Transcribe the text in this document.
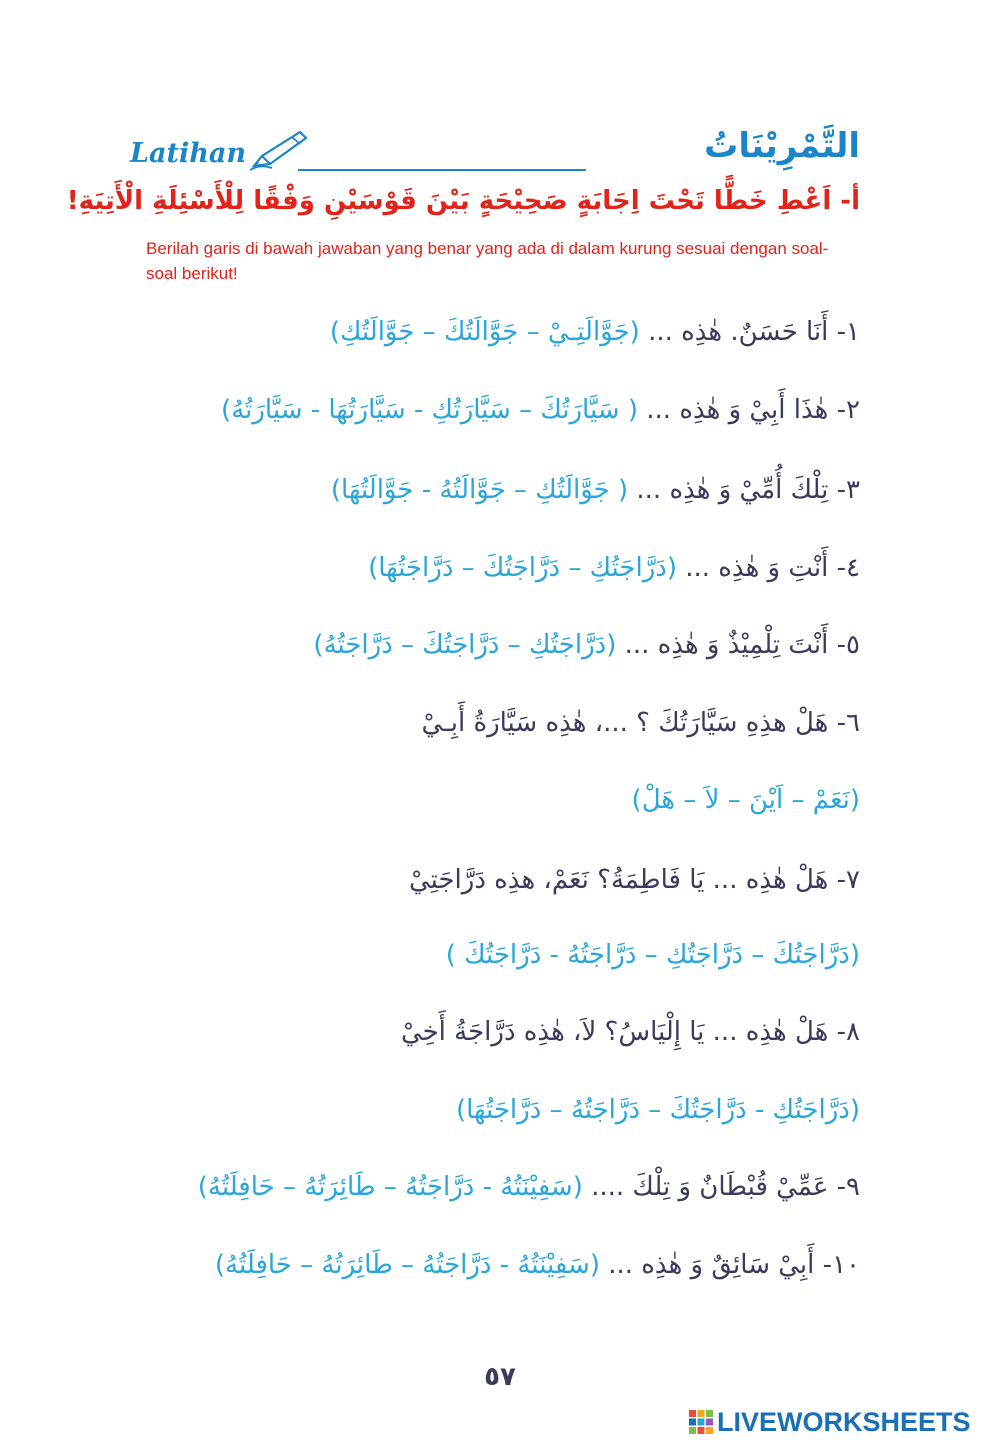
Latihan	التَّمْرِيْنَاتُ
أ- اَعْطِ خَطًّا تَحْتَ اِجَابَةٍ صَحِيْحَةٍ بَيْنَ قَوْسَيْنِ وَفْقًا لِلْأَسْئِلَةِ الْأَتِيَةِ!
Berilah garis di bawah jawaban yang benar yang ada di dalam kurung sesuai dengan soal-soal berikut!
١- أَنَا حَسَنٌ. هٰذِه ... (جَوَّالَتِـيْ – جَوَّالَتُكَ – جَوَّالَتُكِ)
٢- هٰذَا أَبِيْ وَ هٰذِه ... ( سَيَّارَتُكَ – سَيَّارَتُكِ - سَيَّارَتُهَا - سَيَّارَتُهُ)
٣- تِلْكَ أُمِّيْ وَ هٰذِه ... ( جَوَّالَتُكِ – جَوَّالَتُهُ - جَوَّالَتُهَا)
٤- أَنْتِ وَ هٰذِه ... (دَرَّاجَتُكِ – دَرَّاجَتُكَ – دَرَّاجَتُهَا)
٥- أَنْتَ تِلْمِيْذٌ وَ هٰذِه ... (دَرَّاجَتُكِ – دَرَّاجَتُكَ – دَرَّاجَتُهُ)
٦- هَلْ هذِهِ سَيَّارَتُكَ ؟ ...، هٰذِه سَيَّارَةُ أَبِـيْ
(نَعَمْ – اَيْنَ – لاَ – هَلْ)
٧- هَلْ هٰذِه ... يَا فَاطِمَةُ؟ نَعَمْ، هذِه دَرَّاجَتِيْ
(دَرَّاجَتُكَ – دَرَّاجَتُكِ – دَرَّاجَتُهُ - دَرَّاجَتُكَ )
٨- هَلْ هٰذِه ... يَا إِلْيَاسُ؟ لاَ، هٰذِه دَرَّاجَةُ أَخِيْ
(دَرَّاجَتُكِ - دَرَّاجَتُكَ – دَرَّاجَتُهُ – دَرَّاجَتُهَا)
٩- عَمِّيْ قُبْطَانٌ وَ تِلْكَ .... (سَفِيْنَتُهُ - دَرَّاجَتُهُ – طَائِرَتُهُ – حَافِلَتُهُ)
١٠- أَبِيْ سَائِقٌ وَ هٰذِه ... (سَفِيْنَتُهُ - دَرَّاجَتُهُ – طَائِرَتُهُ – حَافِلَتُهُ)
٥٧
LIVEWORKSHEETS
